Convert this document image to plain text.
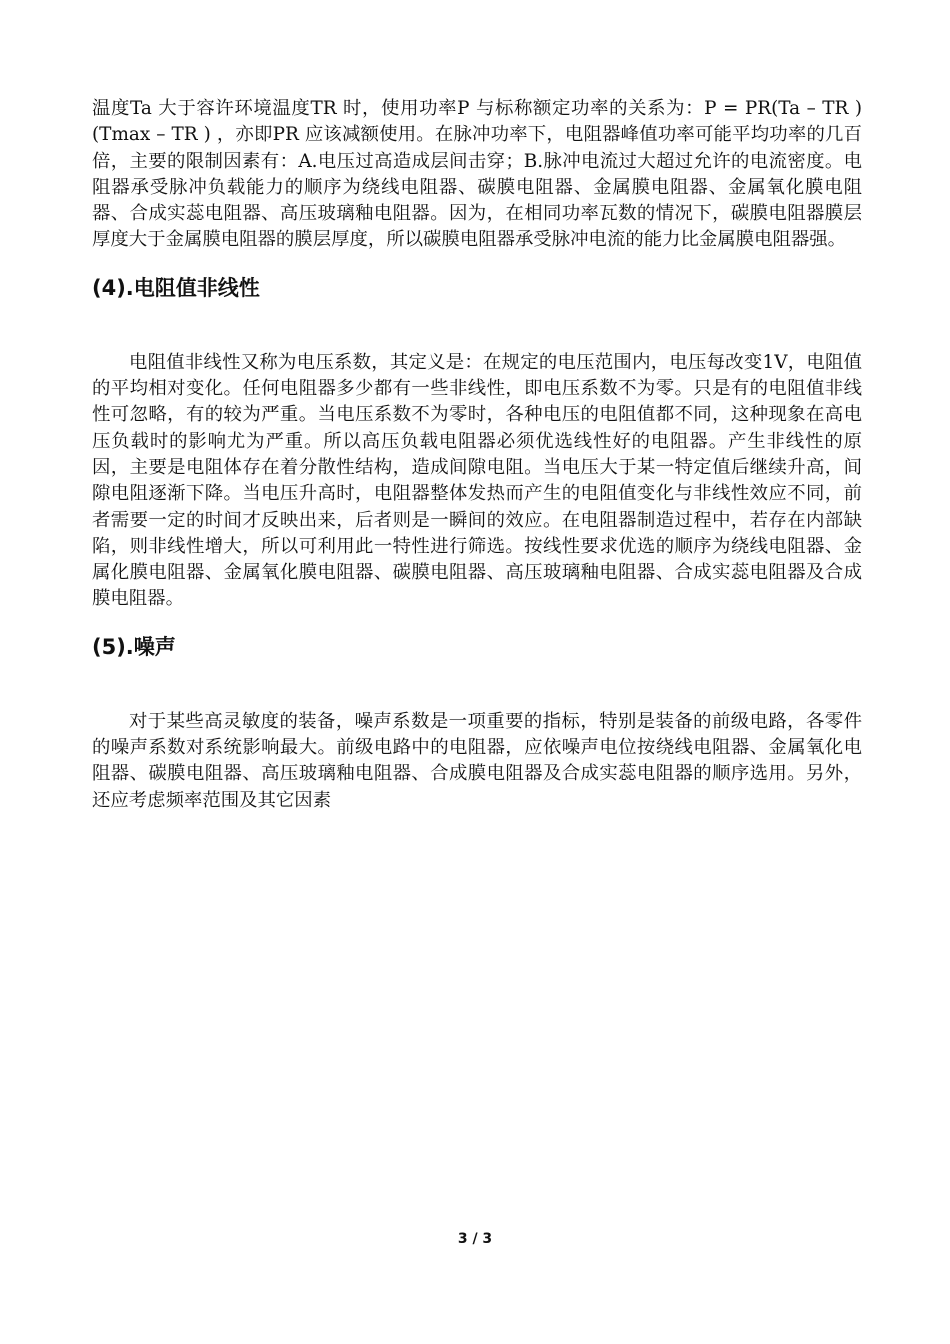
温度Ta 大于容许环境温度TR 时，使用功率P 与标称额定功率的关系为：P = PR(Ta – TR ) (Tmax – TR ) ，亦即PR 应该减额使用。在脉冲功率下，电阻器峰值功率可能平均功率的几百倍，主要的限制因素有：A.电压过高造成层间击穿；B.脉冲电流过大超过允许的电流密度。电阻器承受脉冲负载能力的顺序为绕线电阻器、碳膜电阻器、金属膜电阻器、金属氧化膜电阻器、合成实蕊电阻器、高压玻璃釉电阻器。因为，在相同功率瓦数的情况下，碳膜电阻器膜层厚度大于金属膜电阻器的膜层厚度，所以碳膜电阻器承受脉冲电流的能力比金属膜电阻器强。

(4).电阻值非线性

电阻值非线性又称为电压系数，其定义是：在规定的电压范围内，电压每改变1V，电阻值的平均相对变化。任何电阻器多少都有一些非线性，即电压系数不为零。只是有的电阻值非线性可忽略，有的较为严重。当电压系数不为零时，各种电压的电阻值都不同，这种现象在高电压负载时的影响尤为严重。所以高压负载电阻器必须优选线性好的电阻器。产生非线性的原因，主要是电阻体存在着分散性结构，造成间隙电阻。当电压大于某一特定值后继续升高，间隙电阻逐渐下降。当电压升高时，电阻器整体发热而产生的电阻值变化与非线性效应不同，前者需要一定的时间才反映出来，后者则是一瞬间的效应。在电阻器制造过程中，若存在内部缺陷，则非线性增大，所以可利用此一特性进行筛选。按线性要求优选的顺序为绕线电阻器、金属化膜电阻器、金属氧化膜电阻器、碳膜电阻器、高压玻璃釉电阻器、合成实蕊电阻器及合成膜电阻器。

(5).噪声

对于某些高灵敏度的装备，噪声系数是一项重要的指标，特别是装备的前级电路，各零件的噪声系数对系统影响最大。前级电路中的电阻器，应依噪声电位按绕线电阻器、金属氧化电阻器、碳膜电阻器、高压玻璃釉电阻器、合成膜电阻器及合成实蕊电阻器的顺序选用。另外，还应考虑频率范围及其它因素

3 / 3
